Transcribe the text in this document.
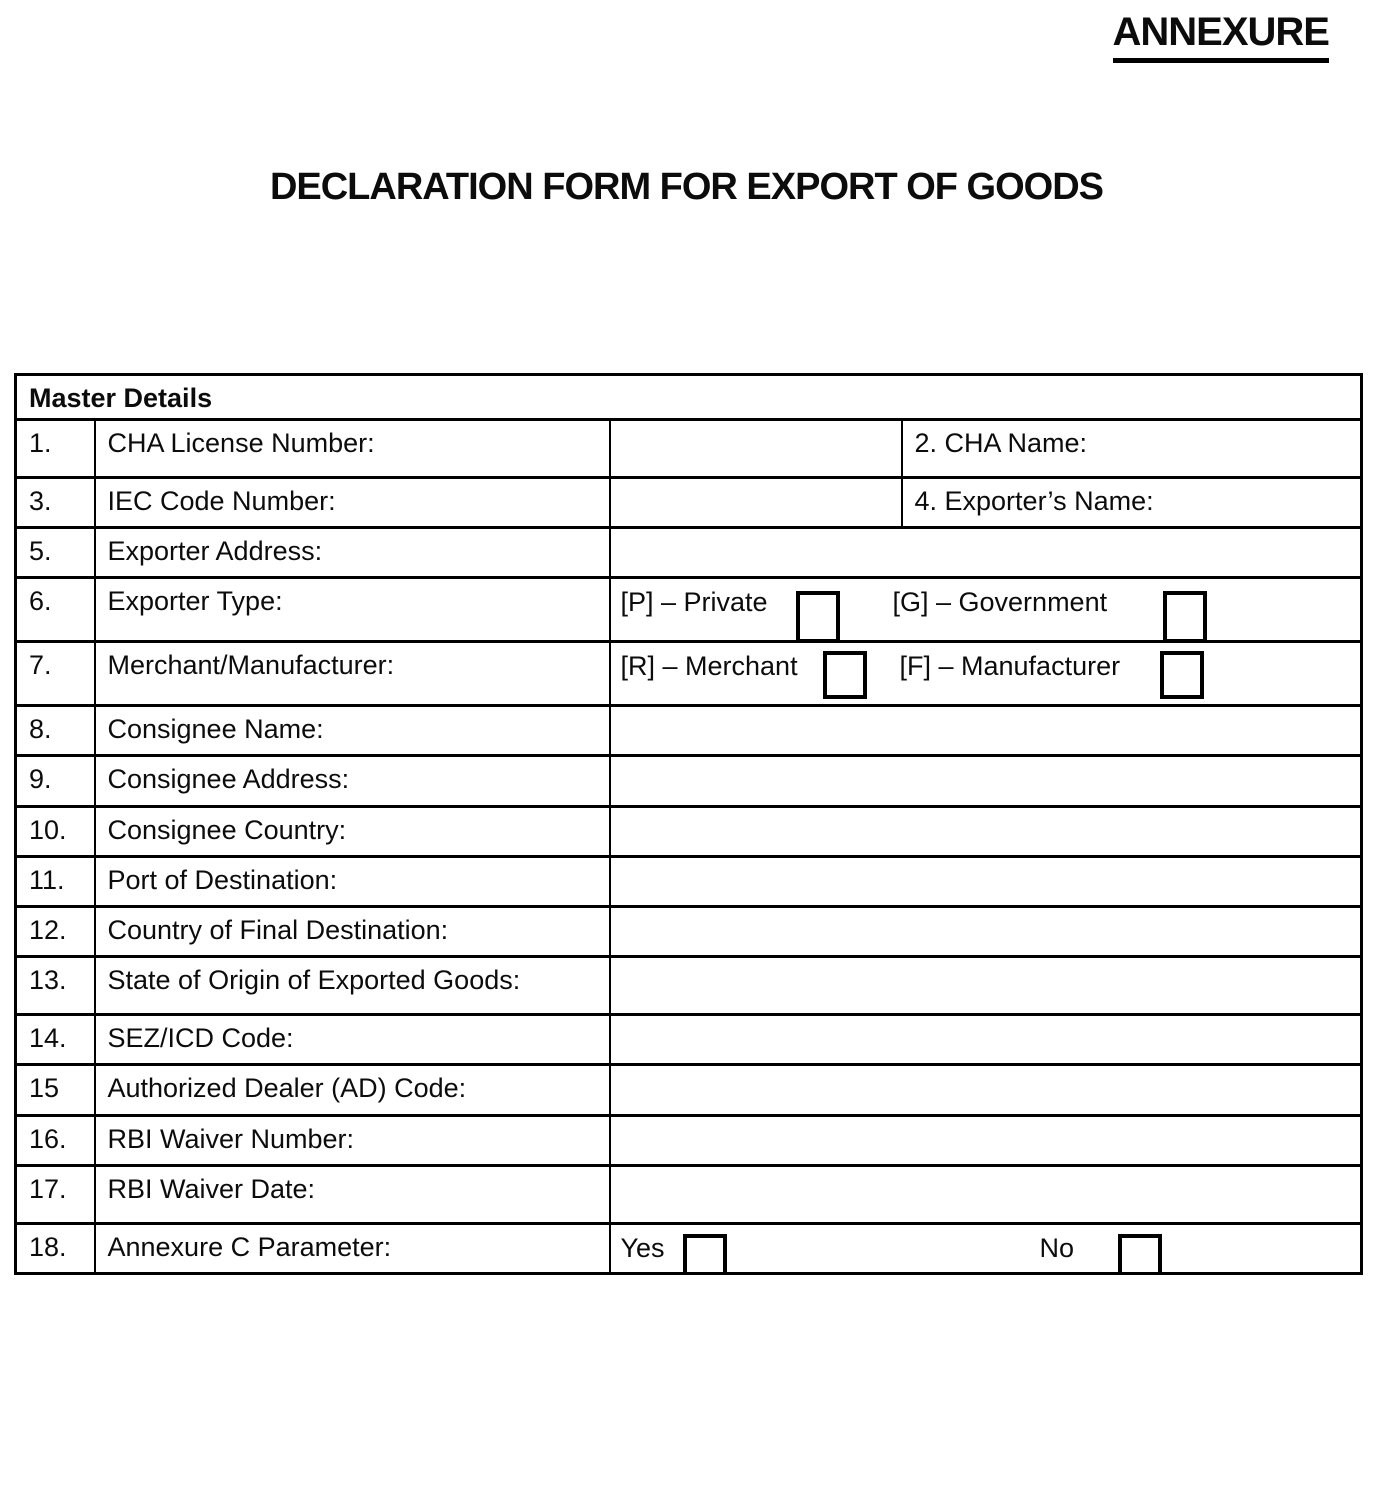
ANNEXURE
DECLARATION FORM FOR EXPORT OF GOODS
Master Details			
1.	CHA License Number:		2. CHA Name:
3.	IEC Code Number:		4. Exporter’s Name:
5.	Exporter Address:		
6.	Exporter Type:	[P] – Private [G] – Government	

7.	Merchant/Manufacturer:	[R] – Merchant [F] – Manufacturer	

8.	Consignee Name:		
9.	Consignee Address:		
10.	Consignee Country:		
11.	Port of Destination:		
12.	Country of Final Destination:		
13.	State of Origin of Exported Goods:		
14.	SEZ/ICD Code:		
15	Authorized Dealer (AD) Code:		
16.	RBI Waiver Number:		
17.	RBI Waiver Date:		
18.	Annexure C Parameter:	Yes No	
